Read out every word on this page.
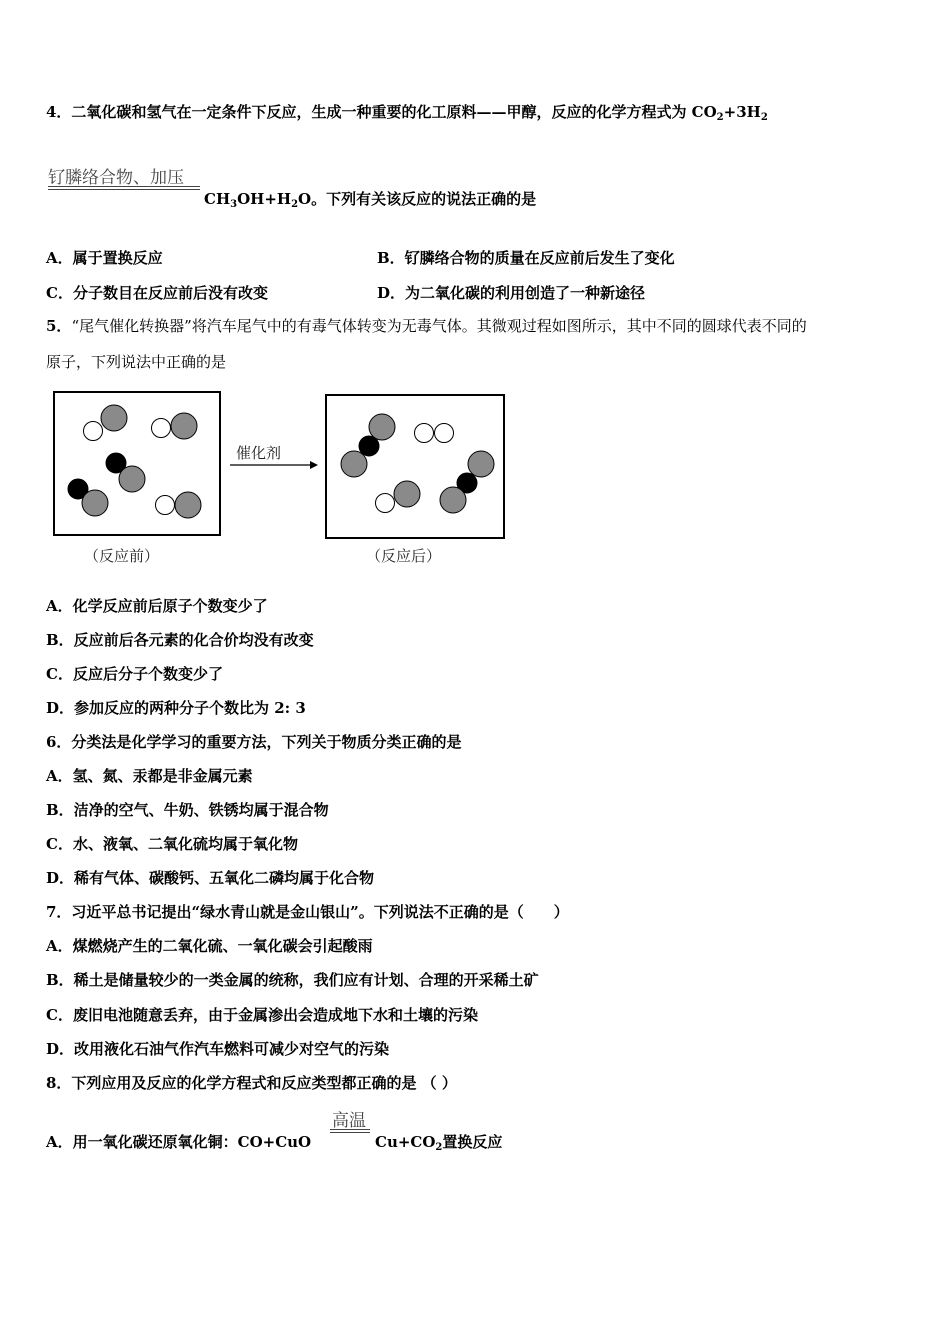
4．二氧化碳和氢气在一定条件下反应，生成一种重要的化工原料——甲醇，反应的化学方程式为 $CO_2+3H_2$
钌膦络合物、加压
$CH_3OH+H_2O$。下列有关该反应的说法正确的是
A．属于置换反应	B．钌膦络合物的质量在反应前后发生了变化
C．分子数目在反应前后没有改变	D．为二氧化碳的利用创造了一种新途径
5．“尾气催化转换器”将汽车尾气中的有毒气体转变为无毒气体。其微观过程如图所示，其中不同的圆球代表不同的
原子，下列说法中正确的是
催化剂
（反应前）	（反应后）
A．化学反应前后原子个数变少了
B．反应前后各元素的化合价均没有改变
C．反应后分子个数变少了
D．参加反应的两种分子个数比为 2: 3
6．分类法是化学学习的重要方法，下列关于物质分类正确的是
A．氢、氮、汞都是非金属元素
B．洁净的空气、牛奶、铁锈均属于混合物
C．水、液氧、二氧化硫均属于氧化物
D．稀有气体、碳酸钙、五氧化二磷均属于化合物
7．习近平总书记提出“绿水青山就是金山银山”。下列说法不正确的是（　　）
A．煤燃烧产生的二氧化硫、一氧化碳会引起酸雨
B．稀土是储量较少的一类金属的统称，我们应有计划、合理的开采稀土矿
C．废旧电池随意丢弃，由于金属渗出会造成地下水和土壤的污染
D．改用液化石油气作汽车燃料可减少对空气的污染
8．下列应用及反应的化学方程式和反应类型都正确的是 （ ）
A．用一氧化碳还原氧化铜：CO+CuO
高温
$Cu+CO_2$置换反应
